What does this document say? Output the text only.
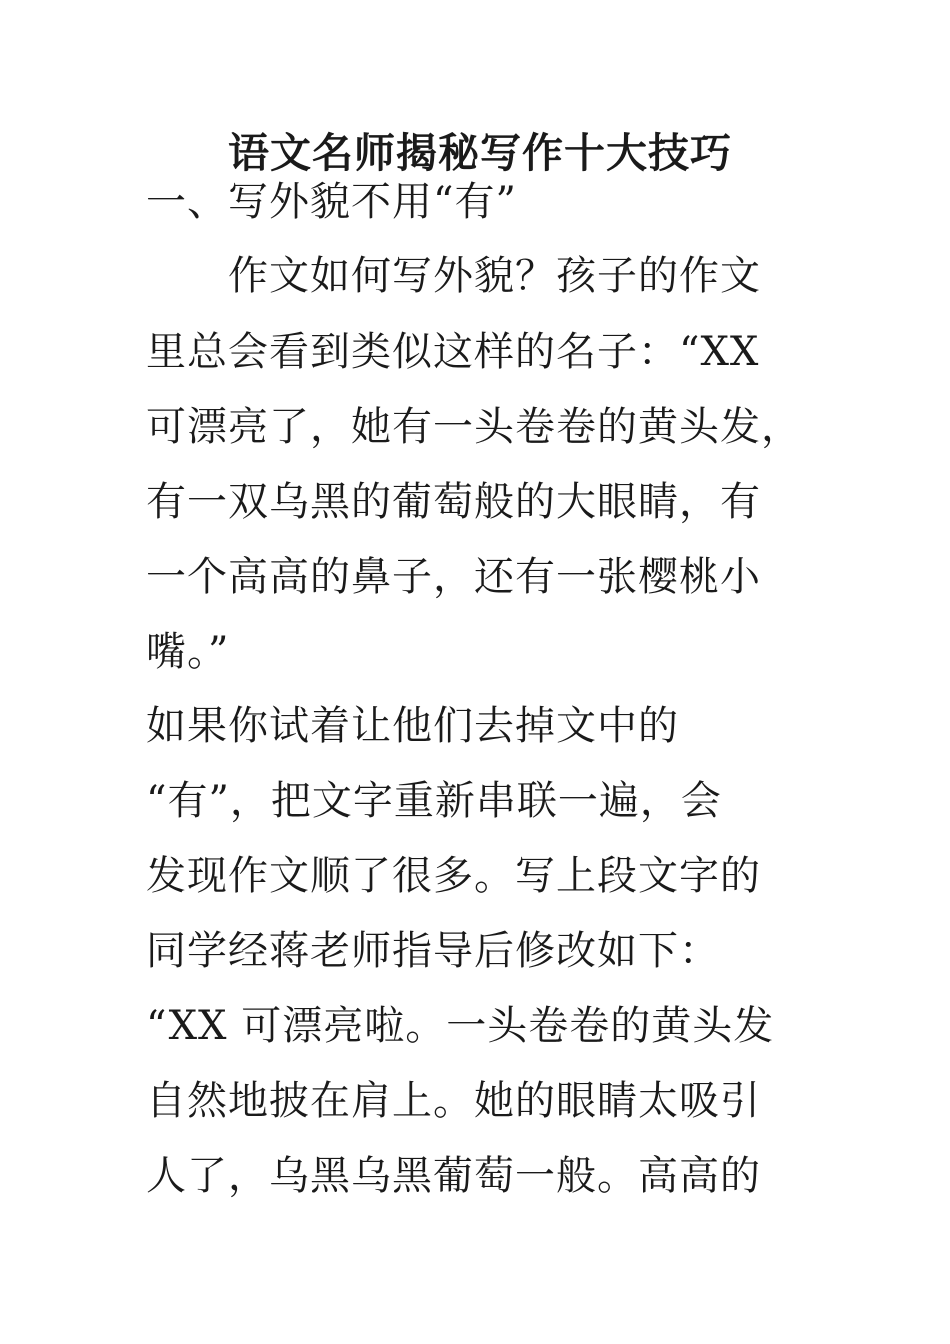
语文名师揭秘写作十大技巧
一、写外貌不用“有”
作文如何写外貌？孩子的作文
里总会看到类似这样的名子：“XX
可漂亮了，她有一头卷卷的黄头发，
有一双乌黑的葡萄般的大眼睛，有
一个高高的鼻子，还有一张樱桃小
嘴。”
如果你试着让他们去掉文中的
“有”，把文字重新串联一遍，会
发现作文顺了很多。写上段文字的
同学经蒋老师指导后修改如下：
“XX 可漂亮啦。一头卷卷的黄头发
自然地披在肩上。她的眼睛太吸引
人了，乌黑乌黑葡萄一般。高高的
